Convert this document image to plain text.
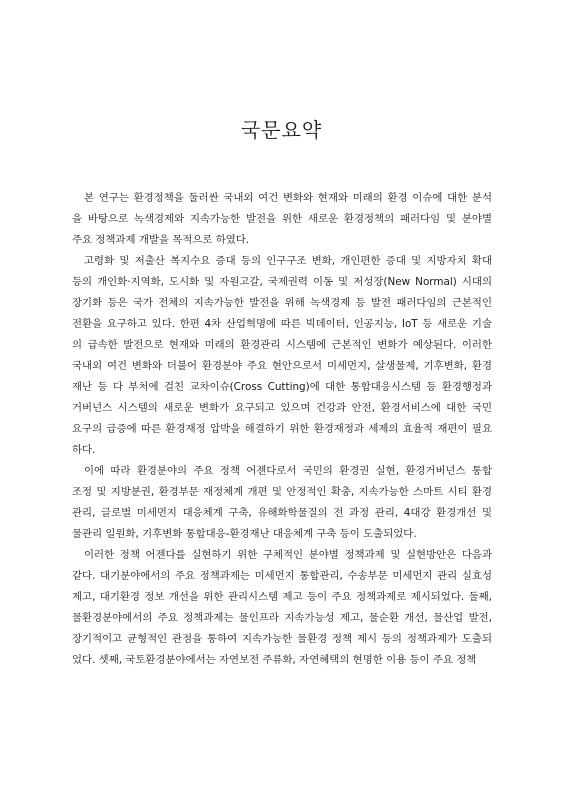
국문요약
본 연구는 환경정책을 둘러싼 국내외 여건 변화와 현재와 미래의 환경 이슈에 대한 분석
을 바탕으로 녹색경제와 지속가능한 발전을 위한 새로운 환경정책의 패러다임 및 분야별
주요 정책과제 개발을 목적으로 하였다.
고령화 및 저출산 복지수요 증대 등의 인구구조 변화, 개인편한 증대 및 지방자치 확대
등의 개인화·지역화, 도시화 및 자원고갈, 국제권력 이동 및 저성장(New Normal) 시대의
장기화 등은 국가 전체의 지속가능한 발전을 위해 녹색경제 등 발전 패러다임의 근본적인
전환을 요구하고 있다. 한편 4차 산업혁명에 따른 빅데이터, 인공지능, IoT 등 새로운 기술
의 급속한 발전으로 현재와 미래의 환경관리 시스템에 근본적인 변화가 예상된다. 이러한
국내외 여건 변화와 더불어 환경분야 주요 현안으로서 미세먼지, 살생물제, 기후변화, 환경
재난 등 다 부처에 걸친 교차이슈(Cross Cutting)에 대한 통합대응시스템 등 환경행정과
거버넌스 시스템의 새로운 변화가 요구되고 있으며 건강과 안전, 환경서비스에 대한 국민
요구의 급증에 따른 환경재정 압박을 해결하기 위한 환경재정과 세제의 효율적 재편이 필요
하다.
이에 따라 환경분야의 주요 정책 어젠다로서 국민의 환경권 실현, 환경거버넌스 통합
조정 및 지방분권, 환경부문 재정체계 개편 및 안정적인 확충, 지속가능한 스마트 시티 환경
관리, 글로벌 미세먼지 대응체계 구축, 유해화학물질의 전 과정 관리, 4대강 환경개선 및
물관리 일원화, 기후변화 통합대응-환경재난 대응체계 구축 등이 도출되었다.
이러한 정책 어젠다를 실현하기 위한 구체적인 분야별 정책과제 및 실현방안은 다음과
같다. 대기분야에서의 주요 정책과제는 미세먼지 통합관리, 수송부문 미세먼지 관리 실효성
제고, 대기환경 정보 개선을 위한 관리시스템 제고 등이 주요 정책과제로 제시되었다. 둘째,
물환경분야에서의 주요 정책과제는 물인프라 지속가능성 제고, 물순환 개선, 물산업 발전,
장기적이고 균형적인 관점을 통하여 지속가능한 물환경 정책 제시 등의 정책과제가 도출되
었다. 셋째, 국토환경분야에서는 자연보전 주류화, 자연혜택의 현명한 이용 등이 주요 정책
